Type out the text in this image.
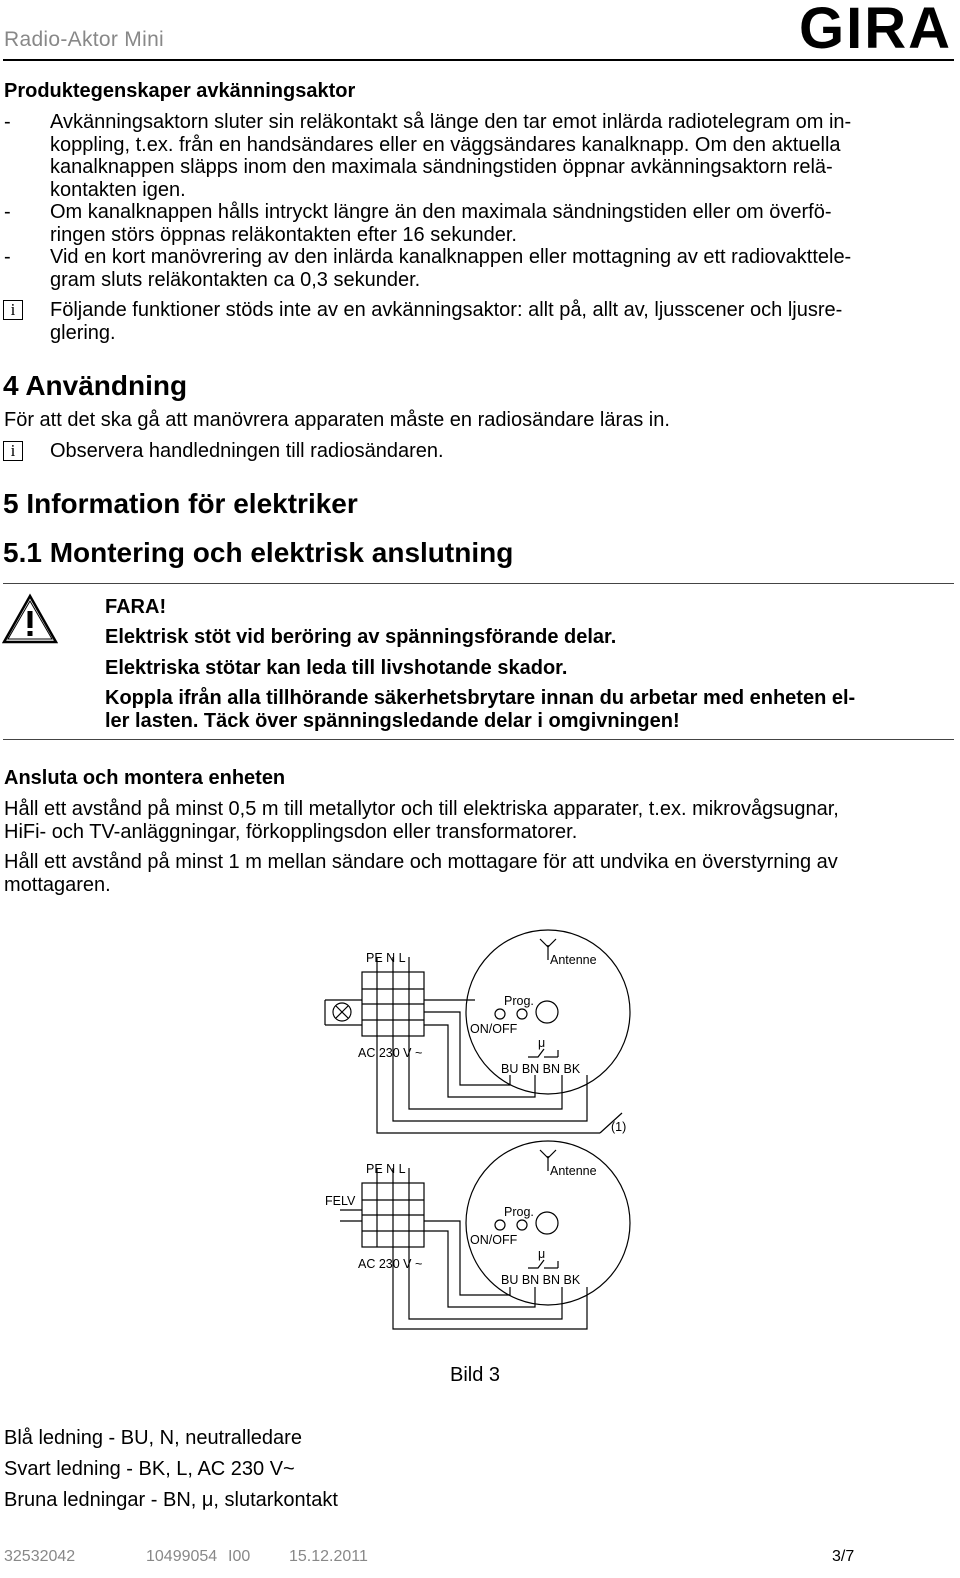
Radio-Aktor Mini	GIRA
Produktegenskaper avkänningsaktor
- Avkänningsaktorn sluter sin reläkontakt så länge den tar emot inlärda radiotelegram om in-
koppling, t.ex. från en handsändares eller en väggsändares kanalknapp. Om den aktuella
kanalknappen släpps inom den maximala sändningstiden öppnar avkänningsaktorn relä-
kontakten igen.
- Om kanalknappen hålls intryckt längre än den maximala sändningstiden eller om överfö-
ringen störs öppnas reläkontakten efter 16 sekunder.
- Vid en kort manövrering av den inlärda kanalknappen eller mottagning av ett radiovakttele-
gram sluts reläkontakten ca 0,3 sekunder.
i	Följande funktioner stöds inte av en avkänningsaktor: allt på, allt av, ljusscener och ljusre-
glering.
4 Användning
För att det ska gå att manövrera apparaten måste en radiosändare läras in.
i	Observera handledningen till radiosändaren.
5 Information för elektriker
5.1 Montering och elektrisk anslutning
FARA!
Elektrisk stöt vid beröring av spänningsförande delar.
Elektriska stötar kan leda till livshotande skador.
Koppla ifrån alla tillhörande säkerhetsbrytare innan du arbetar med enheten el-
ler lasten. Täck över spänningsledande delar i omgivningen!
Ansluta och montera enheten
Håll ett avstånd på minst 0,5 m till metallytor och till elektriska apparater, t.ex. mikrovågsugnar,
HiFi- och TV-anläggningar, förkopplingsdon eller transformatorer.
Håll ett avstånd på minst 1 m mellan sändare och mottagare för att undvika en överstyrning av
mottagaren.
PE N L	Antenne
Prog.
ON/OFF
μ
BU BN BN BK
AC 230 V ~
(1)
PE N L	Antenne
FELV
Prog.
ON/OFF
μ
BU BN BN BK
AC 230 V ~
Bild 3
Blå ledning - BU, N, neutralledare
Svart ledning - BK, L, AC 230 V~
Bruna ledningar - BN, μ, slutarkontakt
32532042	10499054 I00 15.12.2011	3/7
